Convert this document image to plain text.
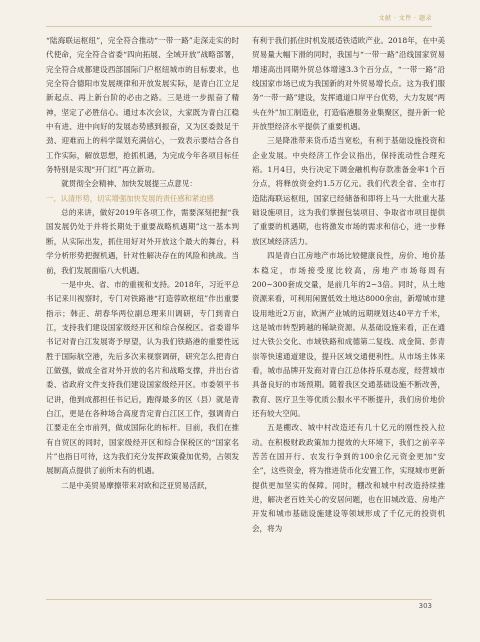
文献 · 文件 · 题录

“陆海联运枢纽”，完全符合推动“一带一路”走深走实的时代使命，完全符合省委“四向拓展、全域开放”战略部署，完全符合成都建设西部国际门户枢纽城市的目标要求，也完全符合德阳市发展规律和开放发展实际，是青白江立足新起点、再上新台阶的必由之路。三是进一步振奋了精神，坚定了必胜信心。通过本次会议，大家既为青白江稳中有进、进中向好的发展态势感到振奋，又为区委鼓足干劲、迎难而上的科学谋划充满信心，一致表示要结合各自工作实际，解放思想，抢抓机遇，为完成今年各项目标任务特别是实现“开门红”再立新功。

就贯彻全会精神、加快发展提三点意见：

一、认清形势，切实增强加快发展的责任感和紧迫感

总的来讲，做好2019年各项工作，需要深刻把握“我国发展仍处于并将长期处于重要战略机遇期”这一基本判断，从实际出发，抓住用好对外开放这个最大的舞台，科学分析形势把握机遇，针对性解决存在的风险和挑战。当前，我们发展面临八大机遇。

一是中央、省、市的重视和支持。2018年，习近平总书记来川视察时，专门对铁路港“打造蓉欧枢纽”作出重要指示；韩正、胡春华两位副总理来川调研，专门到青白江，支持我们建设国家级经开区和综合保税区。省委谱华书记对青白江发展寄予厚望，认为我们铁路港的重要性远胜于国际航空港，先后多次来视察调研，研究怎么把青白江做强，做成全省对外开放的名片和战略支撑，并出台省委、省政府文件支持我们建设国家级经开区。市委领平书记讲，他到成都担任书记后，跑得最多的区（县）就是青白江，更是在各种场合高度肯定青白江区工作，强调青白江要走在全市前列，做成国际化的标杆。目前，我们在推有自贸区的同时，国家级经开区和综合保税区的“国家名片”也指日可待，这为我们充分发挥政策叠加优势，占领发展制高点提供了前所未有的机遇。

二是中美贸易摩擦带来对欧和泛亚贸易活跃，

有利于我们抓住时机发展适铁适欧产业。2018年，在中美贸易量大幅下滑的同时，我国与“一带一路”沿线国家贸易增速高出同期外贸总体增速3.3个百分点，“一带一路”沿线国家市场已成为我国新的对外贸易增长点。这为我们服务“一带一路”建设，发挥通道口岸平台优势，大力发展“两头在外”加工制造业，打造临港服务业集聚区，提升新一轮开放型经济水平提供了重要机遇。

三是降准带来货币适当宽松，有利于基础设施投资和企业发展。中央经济工作会议指出，保持流动性合理充裕。1月4日，央行决定下调金融机构存款准备金率1个百分点，将释放资金约1.5万亿元。我们代表全省、全市打造陆海联运枢纽，国家已经储备和即将上马一大批重大基础设施项目，这为我们掌握包装项目、争取省市项目提供了重要的机遇期，也将激发市场的需求和信心，进一步释放区域经济活力。

四是青白江房地产市场比较健康良性，房价、地价基本稳定，市场接受度比较高，房地产市场每周有200~300套成交量，是前几年的2~3倍。同时，从土地资源来看，可利用闲置低效土地达8000余亩，新增城市建设用地近2万亩，欧洲产业城的远期规划达40平方千米，这是城市转型跨越的稀缺资源。从基础设施来看，正在通过大铁公交化、市域铁路和成德第二复线、成金简、彭青崇等快速通道建设，提升区域交通便利性。从市场主体来看，城市品牌开发商对青白江总体持乐观态度，经营城市具备良好的市场预期。随着我区交通基础设施不断改善，教育、医疗卫生等优质公服水平不断提升，我们房价地价还有较大空间。

五是棚改、城中村改造还有几十亿元的刚性投入拉动。在积极财政政策加力提效的大环境下，我们之前辛辛苦苦在国开行、农发行争到的100余亿元资金更加“安全”，这些资金，将为推进货币化安置工作，实现城市更新提供更加坚实的保障。同时，棚改和城中村改造持续推进，解决老百姓关心的安居问题，也在旧城改造、房地产开发和城市基础设施建设等领域形成了千亿元的投资机会，将为

303
